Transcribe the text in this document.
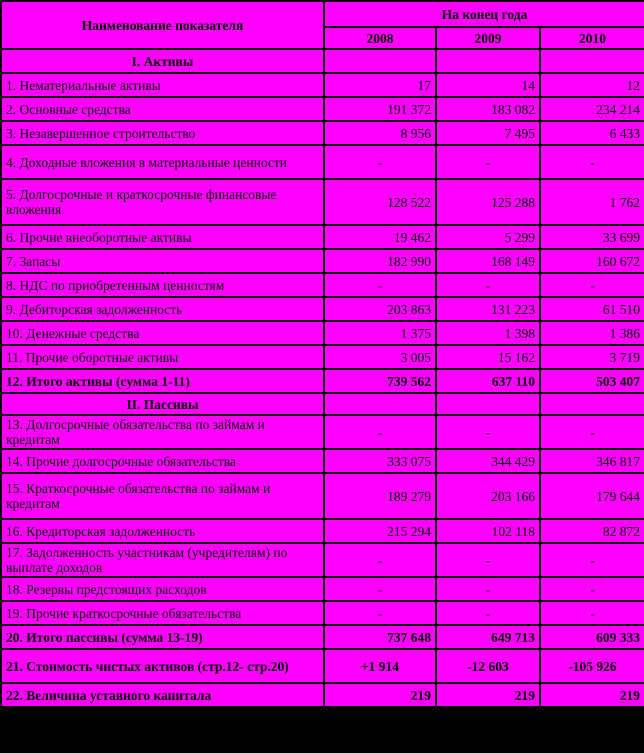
Наименование показателя	На конец года		
	2008	2009	2010
I. Активы			
1. Нематериальные активы	17	14	12
2. Основные средства	191 372	183 082	234 214
3. Незавершенное строительство	8 956	7 495	6 433
4. Доходные вложения в материальные ценности	-	-	-
5. Долгосрочные и краткосрочные финансовые вложения	128 522	125 288	1 762
6. Прочие внеоборотные активы	19 462	5 299	33 699
7. Запасы	182 990	168 149	160 672
8. НДС по приобретенным ценностям	-	-	-
9. Дебиторская задолженность	203 863	131 223	61 510
10. Денежные средства	1 375	1 398	1 386
11. Прочие оборотные активы	3 005	15 162	3 719
12. Итого активы (сумма 1-11)	739 562	637 110	503 407
II. Пассивы			
13. Долгосрочные обязательства по займам и кредитам	-	-	-
14. Прочие долгосрочные обязательства	333 075	344 429	346 817
15. Краткосрочные обязательства по займам и кредитам	189 279	203 166	179 644
16. Кредиторская задолженность	215 294	102 118	82 872
17. Задолженность участникам (учредителям) по выплате доходов	-	-	-
18. Резервы предстоящих расходов	-	-	-
19. Прочие краткосрочные обязательства	-	-	-
20. Итого пассивы (сумма 13-19)	737 648	649 713	609 333
21. Стоимость чистых активов (стр.12- стр.20)	+1 914	-12 603	-105 926
22. Величина уставного капитала	219	219	219
